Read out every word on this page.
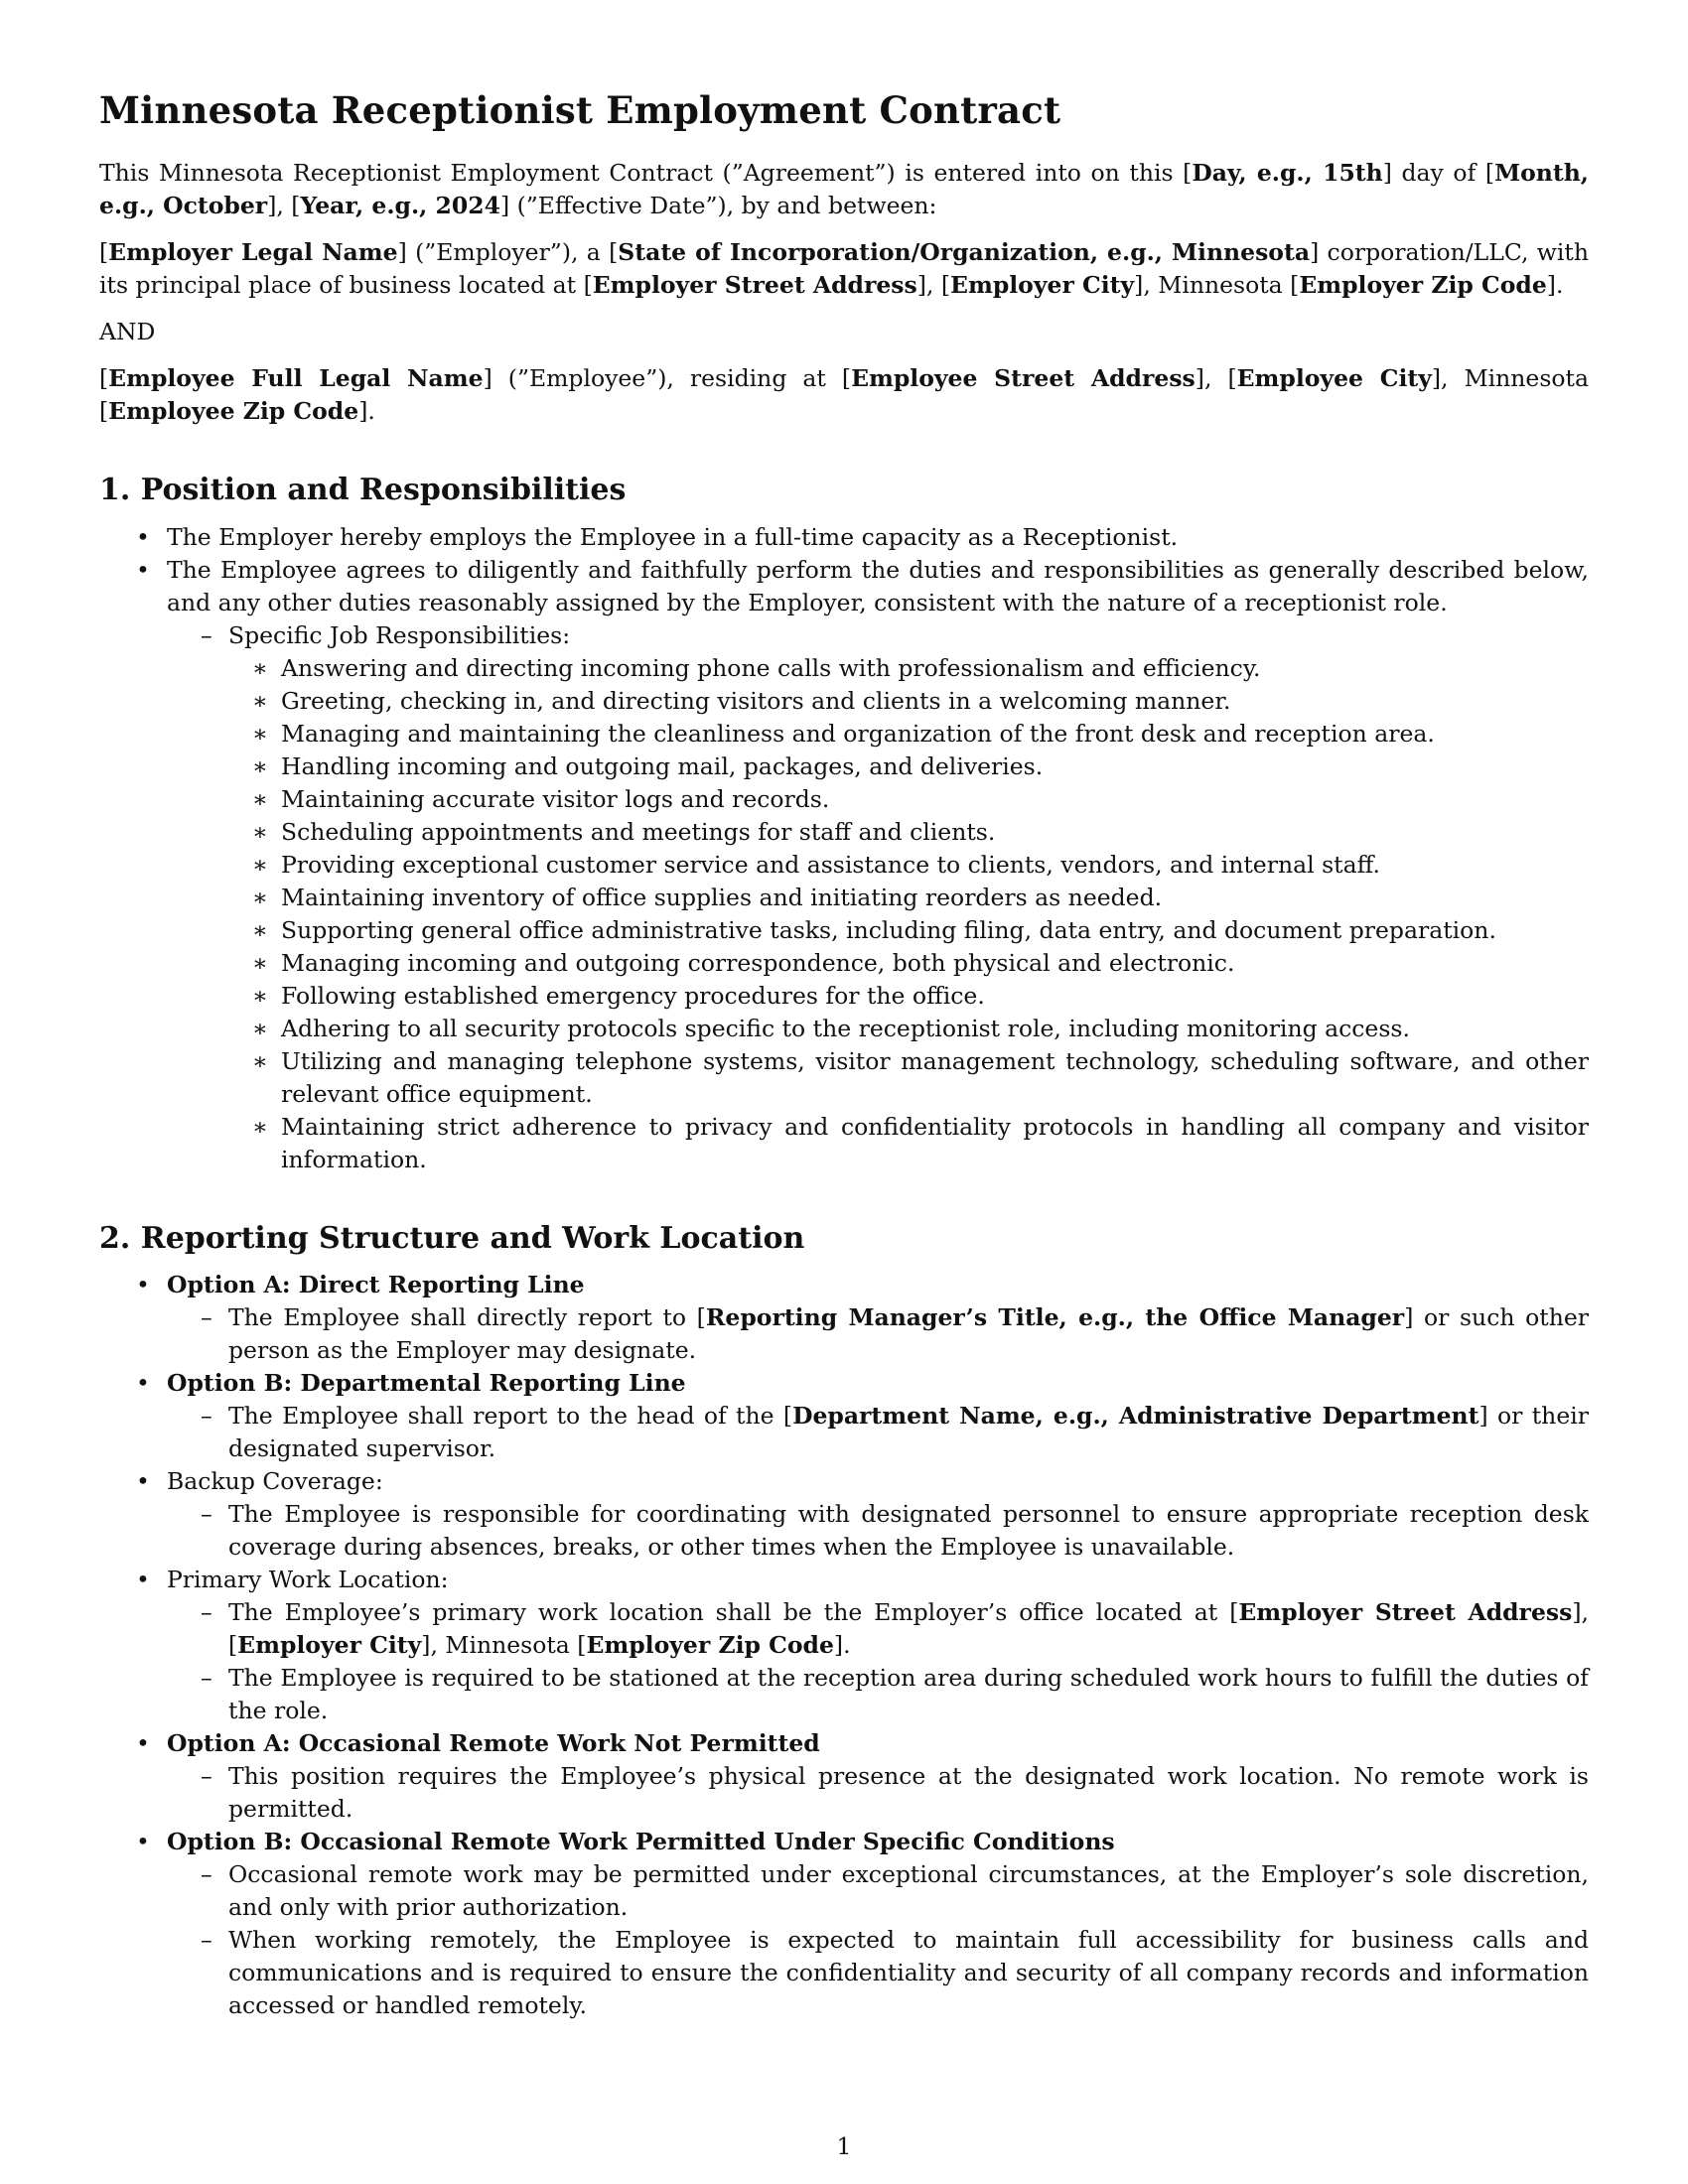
Minnesota Receptionist Employment Contract

This Minnesota Receptionist Employment Contract (”Agreement”) is entered into on this [Day, e.g., 15th] day of [Month, e.g., October], [Year, e.g., 2024] (”Effective Date”), by and between:

[Employer Legal Name] (”Employer”), a [State of Incorporation/Organization, e.g., Minnesota] corporation/LLC, with its principal place of business located at [Employer Street Address], [Employer City], Minnesota [Employer Zip Code].

AND

[Employee Full Legal Name] (”Employee”), residing at [Employee Street Address], [Employee City], Minnesota [Employee Zip Code].

1. Position and Responsibilities
• The Employer hereby employs the Employee in a full-time capacity as a Receptionist.
• The Employee agrees to diligently and faithfully perform the duties and responsibilities as generally described below, and any other duties reasonably assigned by the Employer, consistent with the nature of a receptionist role.
– Specific Job Responsibilities:
∗ Answering and directing incoming phone calls with professionalism and efficiency.
∗ Greeting, checking in, and directing visitors and clients in a welcoming manner.
∗ Managing and maintaining the cleanliness and organization of the front desk and reception area.
∗ Handling incoming and outgoing mail, packages, and deliveries.
∗ Maintaining accurate visitor logs and records.
∗ Scheduling appointments and meetings for staff and clients.
∗ Providing exceptional customer service and assistance to clients, vendors, and internal staff.
∗ Maintaining inventory of office supplies and initiating reorders as needed.
∗ Supporting general office administrative tasks, including filing, data entry, and document preparation.
∗ Managing incoming and outgoing correspondence, both physical and electronic.
∗ Following established emergency procedures for the office.
∗ Adhering to all security protocols specific to the receptionist role, including monitoring access.
∗ Utilizing and managing telephone systems, visitor management technology, scheduling software, and other relevant office equipment.
∗ Maintaining strict adherence to privacy and confidentiality protocols in handling all company and visitor information.
2. Reporting Structure and Work Location
• Option A: Direct Reporting Line
– The Employee shall directly report to [Reporting Manager’s Title, e.g., the Office Manager] or such other person as the Employer may designate.
• Option B: Departmental Reporting Line
– The Employee shall report to the head of the [Department Name, e.g., Administrative Department] or their designated supervisor.
• Backup Coverage:
– The Employee is responsible for coordinating with designated personnel to ensure appropriate reception desk coverage during absences, breaks, or other times when the Employee is unavailable.
• Primary Work Location:
– The Employee’s primary work location shall be the Employer’s office located at [Employer Street Address], [Employer City], Minnesota [Employer Zip Code].
– The Employee is required to be stationed at the reception area during scheduled work hours to fulfill the duties of the role.
• Option A: Occasional Remote Work Not Permitted
– This position requires the Employee’s physical presence at the designated work location. No remote work is permitted.
• Option B: Occasional Remote Work Permitted Under Specific Conditions
– Occasional remote work may be permitted under exceptional circumstances, at the Employer’s sole discretion, and only with prior authorization.
– When working remotely, the Employee is expected to maintain full accessibility for business calls and communications and is required to ensure the confidentiality and security of all company records and information accessed or handled remotely.
1
